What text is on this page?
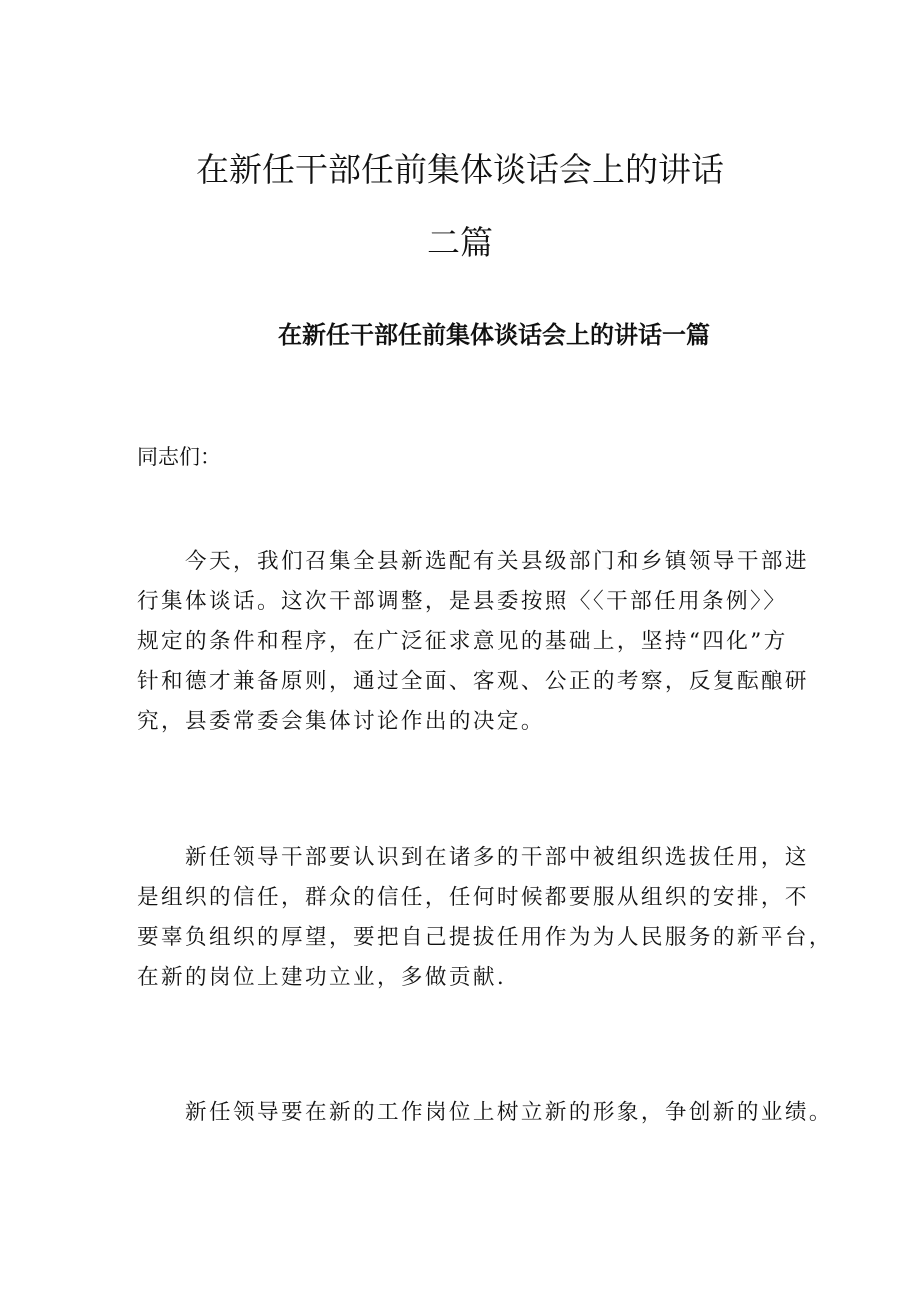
在新任干部任前集体谈话会上的讲话
二篇
在新任干部任前集体谈话会上的讲话一篇

同志们：

今天，我们召集全县新选配有关县级部门和乡镇领导干部进
行集体谈话。这次干部调整，是县委按照〈〈干部任用条例〉〉
规定的条件和程序，在广泛征求意见的基础上，坚持“四化”方
针和德才兼备原则，通过全面、客观、公正的考察，反复酝酿研
究，县委常委会集体讨论作出的决定。

新任领导干部要认识到在诸多的干部中被组织选拔任用，这
是组织的信任，群众的信任，任何时候都要服从组织的安排，不
要辜负组织的厚望，要把自己提拔任用作为为人民服务的新平台，
在新的岗位上建功立业，多做贡献.

新任领导要在新的工作岗位上树立新的形象，争创新的业绩。
